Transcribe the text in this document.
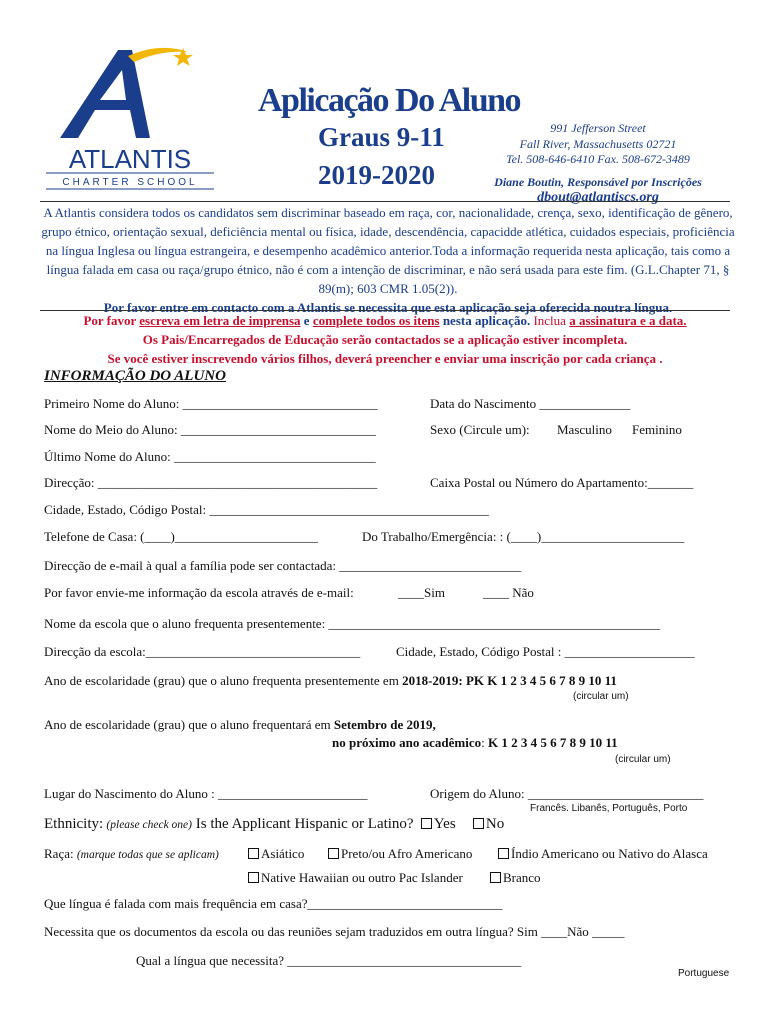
ATLANTIS
CHARTER SCHOOL
Aplicação Do Aluno
Graus 9-11
2019-2020
991 Jefferson Street
Fall River, Massachusetts 02721
Tel. 508-646-6410 Fax. 508-672-3489
Diane Boutin, Responsável por Inscrições
dbout@atlantiscs.org
A Atlantis considera todos os candidatos sem discriminar baseado em raça, cor, nacionalidade, crença, sexo, identificação de gênero, grupo étnico, orientação sexual, deficiência mental ou física, idade, descendência, capacidde atlética, cuidados especiais, proficiência na língua Inglesa ou língua estrangeira, e desempenho acadêmico anterior.Toda a informação requerida nesta aplicação, tais como a língua falada em casa ou raça/grupo étnico, não é com a intenção de discriminar, e não será usada para este fim. (G.L.Chapter 71, § 89(m); 603 CMR 1.05(2)).
Por favor entre em contacto com a Atlantis se necessita que esta aplicação seja oferecida noutra língua.
Por favor escreva em letra de imprensa e complete todos os itens nesta aplicação. Inclua a assinatura e a data.
Os Pais/Encarregados de Educação serão contactados se a aplicação estiver incompleta.
Se você estiver inscrevendo vários filhos, deverá preencher e enviar uma inscrição por cada criança .
INFORMAÇÃO DO ALUNO
Primeiro Nome do Aluno: ______________________________	Data do Nascimento ______________
Nome do Meio do Aluno: ______________________________	Sexo (Circule um): Masculino Feminino
Último Nome do Aluno: _______________________________
Direcção: ___________________________________________	Caixa Postal ou Número do Apartamento:_______
Cidade, Estado, Código Postal: ___________________________________________
Telefone de Casa: (____)______________________	Do Trabalho/Emergência: : (____)______________________
Direcção de e-mail à qual a família pode ser contactada: ____________________________
Por favor envie-me informação da escola através de e-mail:	____Sim	____ Não
Nome da escola que o aluno frequenta presentemente: ___________________________________________________
Direcção da escola:_________________________________	Cidade, Estado, Código Postal : ____________________
Ano de escolaridade (grau) que o aluno frequenta presentemente em 2018-2019: PK K 1 2 3 4 5 6 7 8 9 10 11
(circular um)
Ano de escolaridade (grau) que o aluno frequentará em Setembro de 2019,
no próximo ano acadêmico: K 1 2 3 4 5 6 7 8 9 10 11
(circular um)
Lugar do Nascimento do Aluno : _______________________	Origem do Aluno: ___________________________
Francês. Libanês, Português, Porto
Ethnicity: (please check one) Is the Applicant Hispanic or Latino? Yes No
Raça: (marque todas que se aplicam)	Asiático	Preto/ou Afro Americano	Índio Americano ou Nativo do Alasca
Native Hawaiian ou outro Pac Islander	Branco
Que língua é falada com mais frequência em casa?______________________________
Necessita que os documentos da escola ou das reuniões sejam traduzidos em outra língua? Sim ____Não _____
Qual a língua que necessita? ____________________________________
Portuguese
